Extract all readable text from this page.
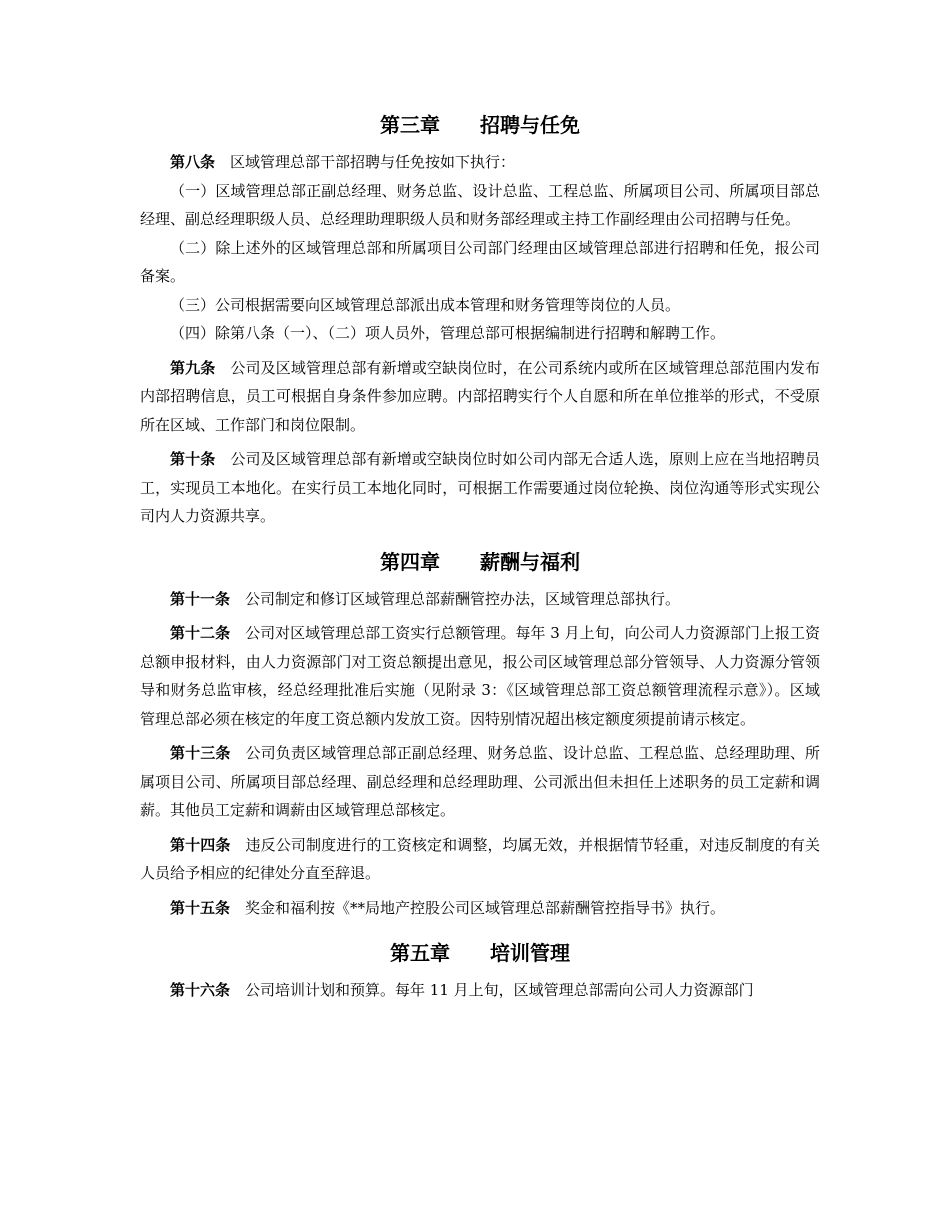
第三章　　招聘与任免

第八条 区域管理总部干部招聘与任免按如下执行：

（一）区域管理总部正副总经理、财务总监、设计总监、工程总监、所属项目公司、所属项目部总经理、副总经理职级人员、总经理助理职级人员和财务部经理或主持工作副经理由公司招聘与任免。

（二）除上述外的区域管理总部和所属项目公司部门经理由区域管理总部进行招聘和任免，报公司备案。

（三）公司根据需要向区域管理总部派出成本管理和财务管理等岗位的人员。

（四）除第八条（一）、（二）项人员外，管理总部可根据编制进行招聘和解聘工作。

第九条 公司及区域管理总部有新增或空缺岗位时，在公司系统内或所在区域管理总部范围内发布内部招聘信息，员工可根据自身条件参加应聘。内部招聘实行个人自愿和所在单位推举的形式，不受原所在区域、工作部门和岗位限制。

第十条 公司及区域管理总部有新增或空缺岗位时如公司内部无合适人选，原则上应在当地招聘员工，实现员工本地化。在实行员工本地化同时，可根据工作需要通过岗位轮换、岗位沟通等形式实现公司内人力资源共享。

第四章　　薪酬与福利

第十一条 公司制定和修订区域管理总部薪酬管控办法，区域管理总部执行。

第十二条 公司对区域管理总部工资实行总额管理。每年 3 月上旬，向公司人力资源部门上报工资总额申报材料，由人力资源部门对工资总额提出意见，报公司区域管理总部分管领导、人力资源分管领导和财务总监审核，经总经理批准后实施（见附录 3：《区域管理总部工资总额管理流程示意》）。区域管理总部必须在核定的年度工资总额内发放工资。因特别情况超出核定额度须提前请示核定。

第十三条 公司负责区域管理总部正副总经理、财务总监、设计总监、工程总监、总经理助理、所属项目公司、所属项目部总经理、副总经理和总经理助理、公司派出但未担任上述职务的员工定薪和调薪。其他员工定薪和调薪由区域管理总部核定。

第十四条 违反公司制度进行的工资核定和调整，均属无效，并根据情节轻重，对违反制度的有关人员给予相应的纪律处分直至辞退。

第十五条 奖金和福利按《**局地产控股公司区域管理总部薪酬管控指导书》执行。

第五章　　培训管理

第十六条 公司培训计划和预算。每年 11 月上旬，区域管理总部需向公司人力资源部门
